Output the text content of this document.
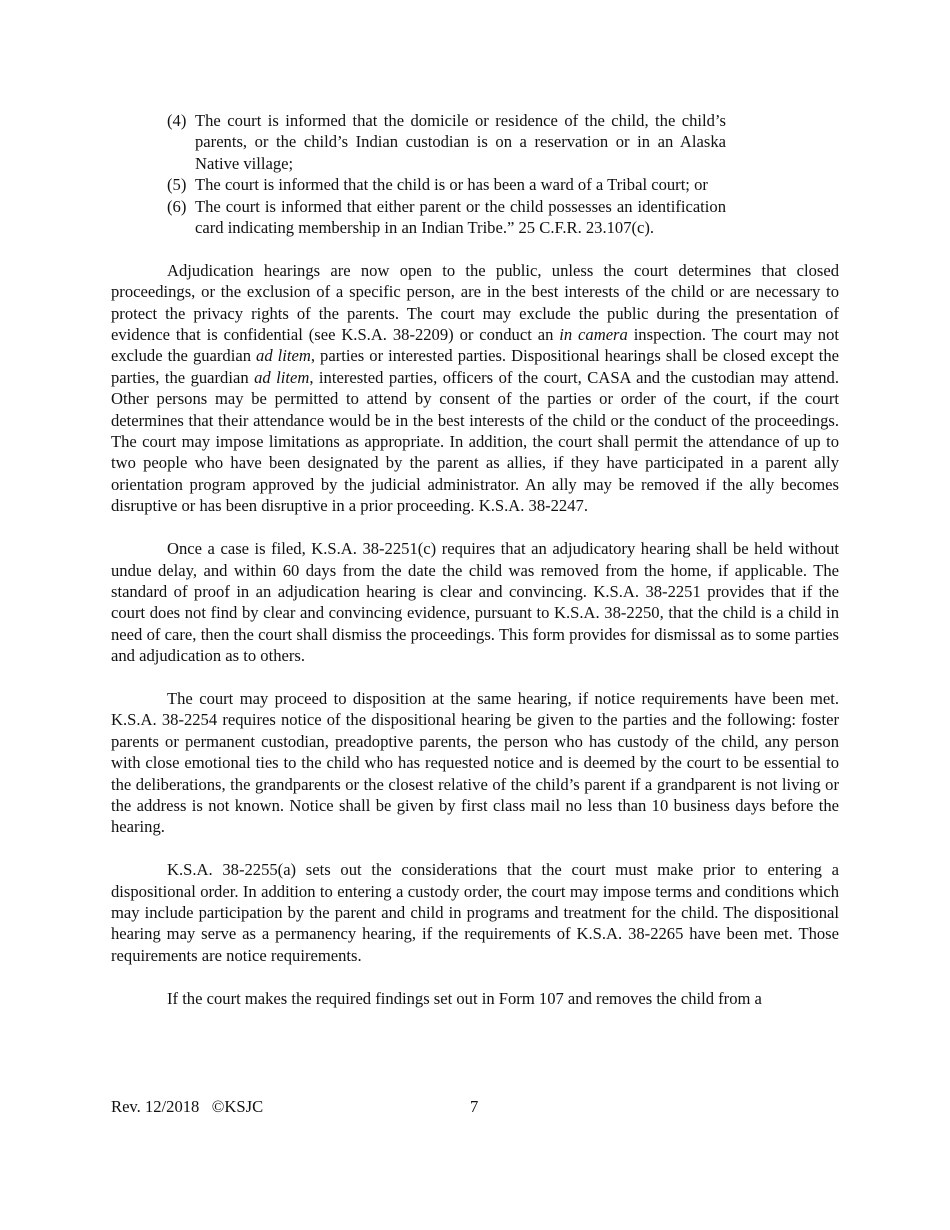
(4) The court is informed that the domicile or residence of the child, the child’s parents, or the child’s Indian custodian is on a reservation or in an Alaska Native village;
(5) The court is informed that the child is or has been a ward of a Tribal court; or
(6) The court is informed that either parent or the child possesses an identification card indicating membership in an Indian Tribe.” 25 C.F.R. 23.107(c).

Adjudication hearings are now open to the public, unless the court determines that closed proceedings, or the exclusion of a specific person, are in the best interests of the child or are necessary to protect the privacy rights of the parents. The court may exclude the public during the presentation of evidence that is confidential (see K.S.A. 38-2209) or conduct an in camera inspection. The court may not exclude the guardian ad litem, parties or interested parties. Dispositional hearings shall be closed except the parties, the guardian ad litem, interested parties, officers of the court, CASA and the custodian may attend. Other persons may be permitted to attend by consent of the parties or order of the court, if the court determines that their attendance would be in the best interests of the child or the conduct of the proceedings. The court may impose limitations as appropriate. In addition, the court shall permit the attendance of up to two people who have been designated by the parent as allies, if they have participated in a parent ally orientation program approved by the judicial administrator. An ally may be removed if the ally becomes disruptive or has been disruptive in a prior proceeding. K.S.A. 38-2247.

Once a case is filed, K.S.A. 38-2251(c) requires that an adjudicatory hearing shall be held without undue delay, and within 60 days from the date the child was removed from the home, if applicable. The standard of proof in an adjudication hearing is clear and convincing. K.S.A. 38-2251 provides that if the court does not find by clear and convincing evidence, pursuant to K.S.A. 38-2250, that the child is a child in need of care, then the court shall dismiss the proceedings. This form provides for dismissal as to some parties and adjudication as to others.

The court may proceed to disposition at the same hearing, if notice requirements have been met. K.S.A. 38-2254 requires notice of the dispositional hearing be given to the parties and the following: foster parents or permanent custodian, preadoptive parents, the person who has custody of the child, any person with close emotional ties to the child who has requested notice and is deemed by the court to be essential to the deliberations, the grandparents or the closest relative of the child’s parent if a grandparent is not living or the address is not known. Notice shall be given by first class mail no less than 10 business days before the hearing.

K.S.A. 38-2255(a) sets out the considerations that the court must make prior to entering a dispositional order. In addition to entering a custody order, the court may impose terms and conditions which may include participation by the parent and child in programs and treatment for the child. The dispositional hearing may serve as a permanency hearing, if the requirements of K.S.A. 38-2265 have been met. Those requirements are notice requirements.

If the court makes the required findings set out in Form 107 and removes the child from a

Rev. 12/2018   ©KSJC	7
